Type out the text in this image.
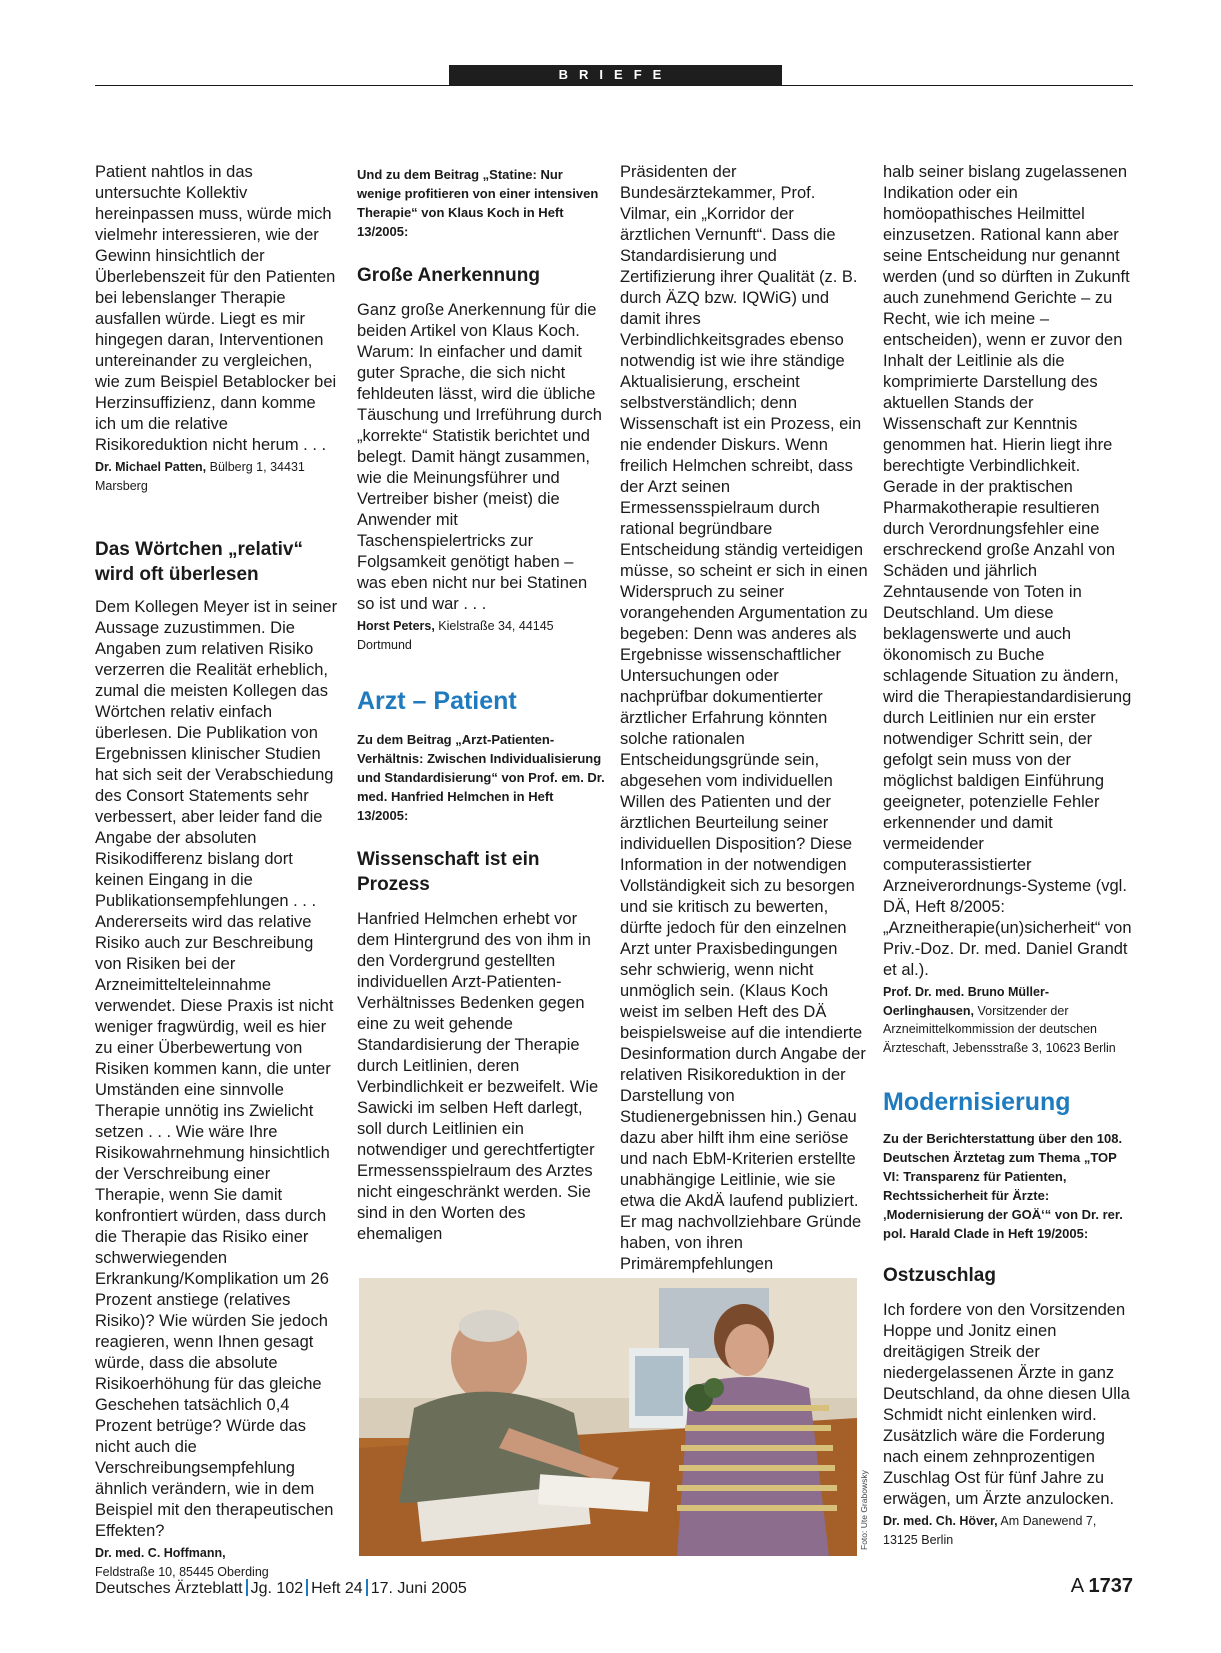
BRIEFE

Patient nahtlos in das untersuchte Kollektiv hereinpassen muss, würde mich vielmehr interessieren, wie der Gewinn hinsichtlich der Überlebenszeit für den Patienten bei lebenslanger Therapie ausfallen würde. Liegt es mir hingegen daran, Interventionen untereinander zu vergleichen, wie zum Beispiel Betablocker bei Herzinsuffizienz, dann komme ich um die relative Risikoreduktion nicht herum . . .

Dr. Michael Patten, Bülberg 1, 34431 Marsberg

Das Wörtchen „relativ“ wird oft überlesen

Dem Kollegen Meyer ist in seiner Aussage zuzustimmen. Die Angaben zum relativen Risiko verzerren die Realität erheblich, zumal die meisten Kollegen das Wörtchen relativ einfach überlesen. Die Publikation von Ergebnissen klinischer Studien hat sich seit der Verabschiedung des Consort Statements sehr verbessert, aber leider fand die Angabe der absoluten Risikodifferenz bislang dort keinen Eingang in die Publikationsempfehlungen . . . Andererseits wird das relative Risiko auch zur Beschreibung von Risiken bei der Arzneimittelteleinnahme verwendet. Diese Praxis ist nicht weniger fragwürdig, weil es hier zu einer Überbewertung von Risiken kommen kann, die unter Umständen eine sinnvolle Therapie unnötig ins Zwielicht setzen . . . Wie wäre Ihre Risikowahrnehmung hinsichtlich der Verschreibung einer Therapie, wenn Sie damit konfrontiert würden, dass durch die Therapie das Risiko einer schwerwiegenden Erkrankung/Komplikation um 26 Prozent anstiege (relatives Risiko)? Wie würden Sie jedoch reagieren, wenn Ihnen gesagt würde, dass die absolute Risikoerhöhung für das gleiche Geschehen tatsächlich 0,4 Prozent betrüge? Würde das nicht auch die Verschreibungsempfehlung ähnlich verändern, wie in dem Beispiel mit den therapeutischen Effekten?

Dr. med. C. Hoffmann,
Feldstraße 10, 85445 Oberding

Und zu dem Beitrag „Statine: Nur wenige profitieren von einer intensiven Therapie“ von Klaus Koch in Heft 13/2005:

Große Anerkennung

Ganz große Anerkennung für die beiden Artikel von Klaus Koch. Warum: In einfacher und damit guter Sprache, die sich nicht fehldeuten lässt, wird die übliche Täuschung und Irreführung durch „korrekte“ Statistik berichtet und belegt. Damit hängt zusammen, wie die Meinungsführer und Vertreiber bisher (meist) die Anwender mit Taschenspielertricks zur Folgsamkeit genötigt haben – was eben nicht nur bei Statinen so ist und war . . .

Horst Peters, Kielstraße 34, 44145 Dortmund

Arzt – Patient

Zu dem Beitrag „Arzt-Patienten-Verhältnis: Zwischen Individualisierung und Standardisierung“ von Prof. em. Dr. med. Hanfried Helmchen in Heft 13/2005:

Wissenschaft ist ein Prozess

Hanfried Helmchen erhebt vor dem Hintergrund des von ihm in den Vordergrund gestellten individuellen Arzt-Patienten-Verhältnisses Bedenken gegen eine zu weit gehende Standardisierung der Therapie durch Leitlinien, deren Verbindlichkeit er bezweifelt. Wie Sawicki im selben Heft darlegt, soll durch Leitlinien ein notwendiger und gerechtfertigter Ermessensspielraum des Arztes nicht eingeschränkt werden. Sie sind in den Worten des ehemaligen

Präsidenten der Bundesärztekammer, Prof. Vilmar, ein „Korridor der ärztlichen Vernunft“. Dass die Standardisierung und Zertifizierung ihrer Qualität (z. B. durch ÄZQ bzw. IQWiG) und damit ihres Verbindlichkeitsgrades ebenso notwendig ist wie ihre ständige Aktualisierung, erscheint selbstverständlich; denn Wissenschaft ist ein Prozess, ein nie endender Diskurs. Wenn freilich Helmchen schreibt, dass der Arzt seinen Ermessensspielraum durch rational begründbare Entscheidung ständig verteidigen müsse, so scheint er sich in einen Widerspruch zu seiner vorangehenden Argumentation zu begeben: Denn was anderes als Ergebnisse wissenschaftlicher Untersuchungen oder nachprüfbar dokumentierter ärztlicher Erfahrung könnten solche rationalen Entscheidungsgründe sein, abgesehen vom individuellen Willen des Patienten und der ärztlichen Beurteilung seiner individuellen Disposition? Diese Information in der notwendigen Vollständigkeit sich zu besorgen und sie kritisch zu bewerten, dürfte jedoch für den einzelnen Arzt unter Praxisbedingungen sehr schwierig, wenn nicht unmöglich sein. (Klaus Koch weist im selben Heft des DÄ beispielsweise auf die intendierte Desinformation durch Angabe der relativen Risikoreduktion in der Darstellung von Studienergebnissen hin.) Genau dazu aber hilft ihm eine seriöse und nach EbM-Kriterien erstellte unabhängige Leitlinie, wie sie etwa die AkdÄ laufend publiziert. Er mag nachvollziehbare Gründe haben, von ihren Primärempfehlungen

halb seiner bislang zugelassenen Indikation oder ein homöopathisches Heilmittel einzusetzen. Rational kann aber seine Entscheidung nur genannt werden (und so dürften in Zukunft auch zunehmend Gerichte – zu Recht, wie ich meine – entscheiden), wenn er zuvor den Inhalt der Leitlinie als die komprimierte Darstellung des aktuellen Stands der Wissenschaft zur Kenntnis genommen hat. Hierin liegt ihre berechtigte Verbindlichkeit. Gerade in der praktischen Pharmakotherapie resultieren durch Verordnungsfehler eine erschreckend große Anzahl von Schäden und jährlich Zehntausende von Toten in Deutschland. Um diese beklagenswerte und auch ökonomisch zu Buche schlagende Situation zu ändern, wird die Therapiestandardisierung durch Leitlinien nur ein erster notwendiger Schritt sein, der gefolgt sein muss von der möglichst baldigen Einführung geeigneter, potenzielle Fehler erkennender und damit vermeidender computerassistierter Arzneiverordnungs-Systeme (vgl. DÄ, Heft 8/2005: „Arzneitherapie(un)sicherheit“ von Priv.-Doz. Dr. med. Daniel Grandt et al.).

Prof. Dr. med. Bruno Müller-Oerlinghausen, Vorsitzender der Arzneimittelkommission der deutschen Ärzteschaft, Jebensstraße 3, 10623 Berlin

Modernisierung

Zu der Berichterstattung über den 108. Deutschen Ärztetag zum Thema „TOP VI: Transparenz für Patienten, Rechtssicherheit für Ärzte: ‚Modernisierung der GOÄ‘“ von Dr. rer. pol. Harald Clade in Heft 19/2005:

Ostzuschlag

Ich fordere von den Vorsitzenden Hoppe und Jonitz einen dreitägigen Streik der niedergelassenen Ärzte in ganz Deutschland, da ohne diesen Ulla Schmidt nicht einlenken wird. Zusätzlich wäre die Forderung nach einem zehnprozentigen Zuschlag Ost für fünf Jahre zu erwägen, um Ärzte anzulocken.

Dr. med. Ch. Höver, Am Danewend 7, 13125 Berlin

Foto: Ute Grabowsky
Deutsches Ärzteblatt Jg. 102 Heft 24 17. Juni 2005	A 1737
